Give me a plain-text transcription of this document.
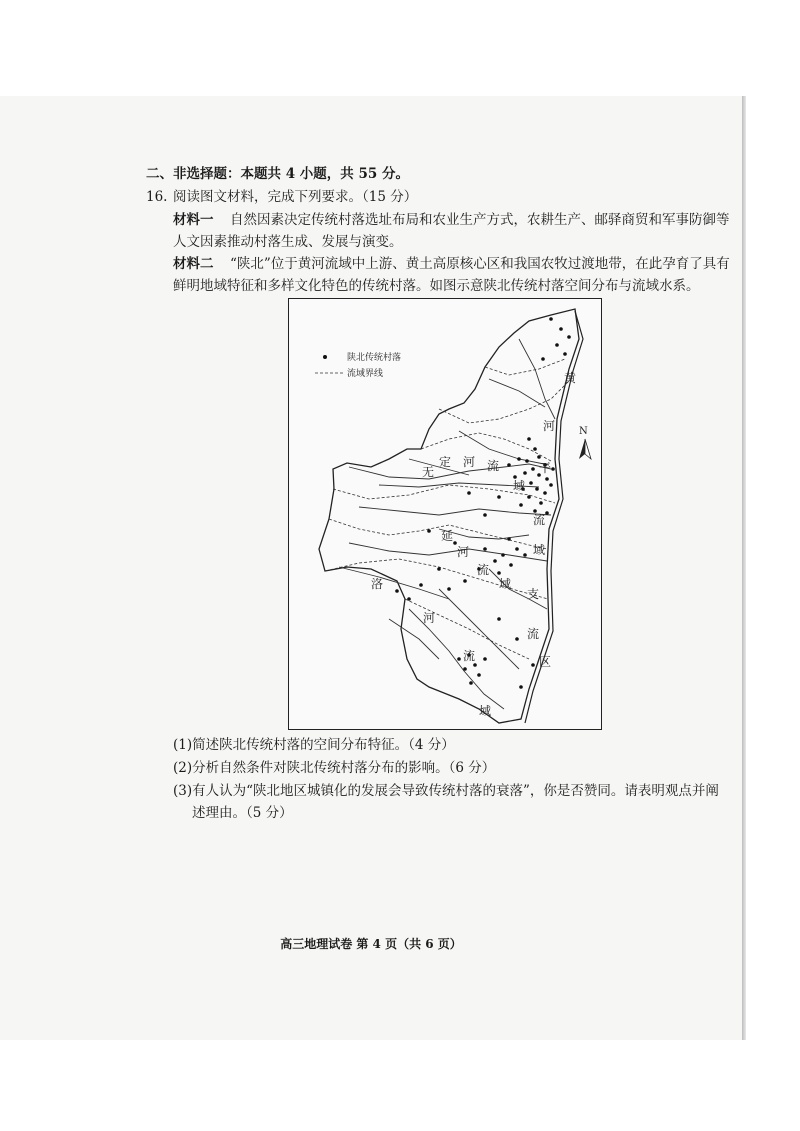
二、非选择题：本题共 4 小题，共 55 分。
16. 阅读图文材料，完成下列要求。（15 分）
材料一 自然因素决定传统村落选址布局和农业生产方式，农耕生产、邮驿商贸和军事防御等
人文因素推动村落生成、发展与演变。
材料二 “陕北”位于黄河流域中上游、黄土高原核心区和我国农牧过渡地带，在此孕育了具有
鲜明地域特征和多样文化特色的传统村落。如图示意陕北传统村落空间分布与流域水系。
陕北传统村落
流域界线
N
黄
河
干
流
域
无
定 河
流
域
延
河
流
域
洛
河
流
域
支
流
区
(1)简述陕北传统村落的空间分布特征。（4 分）
(2)分析自然条件对陕北传统村落分布的影响。（6 分）
(3)有人认为“陕北地区城镇化的发展会导致传统村落的衰落”，你是否赞同。请表明观点并阐
述理由。（5 分）
高三地理试卷 第 4 页（共 6 页）
